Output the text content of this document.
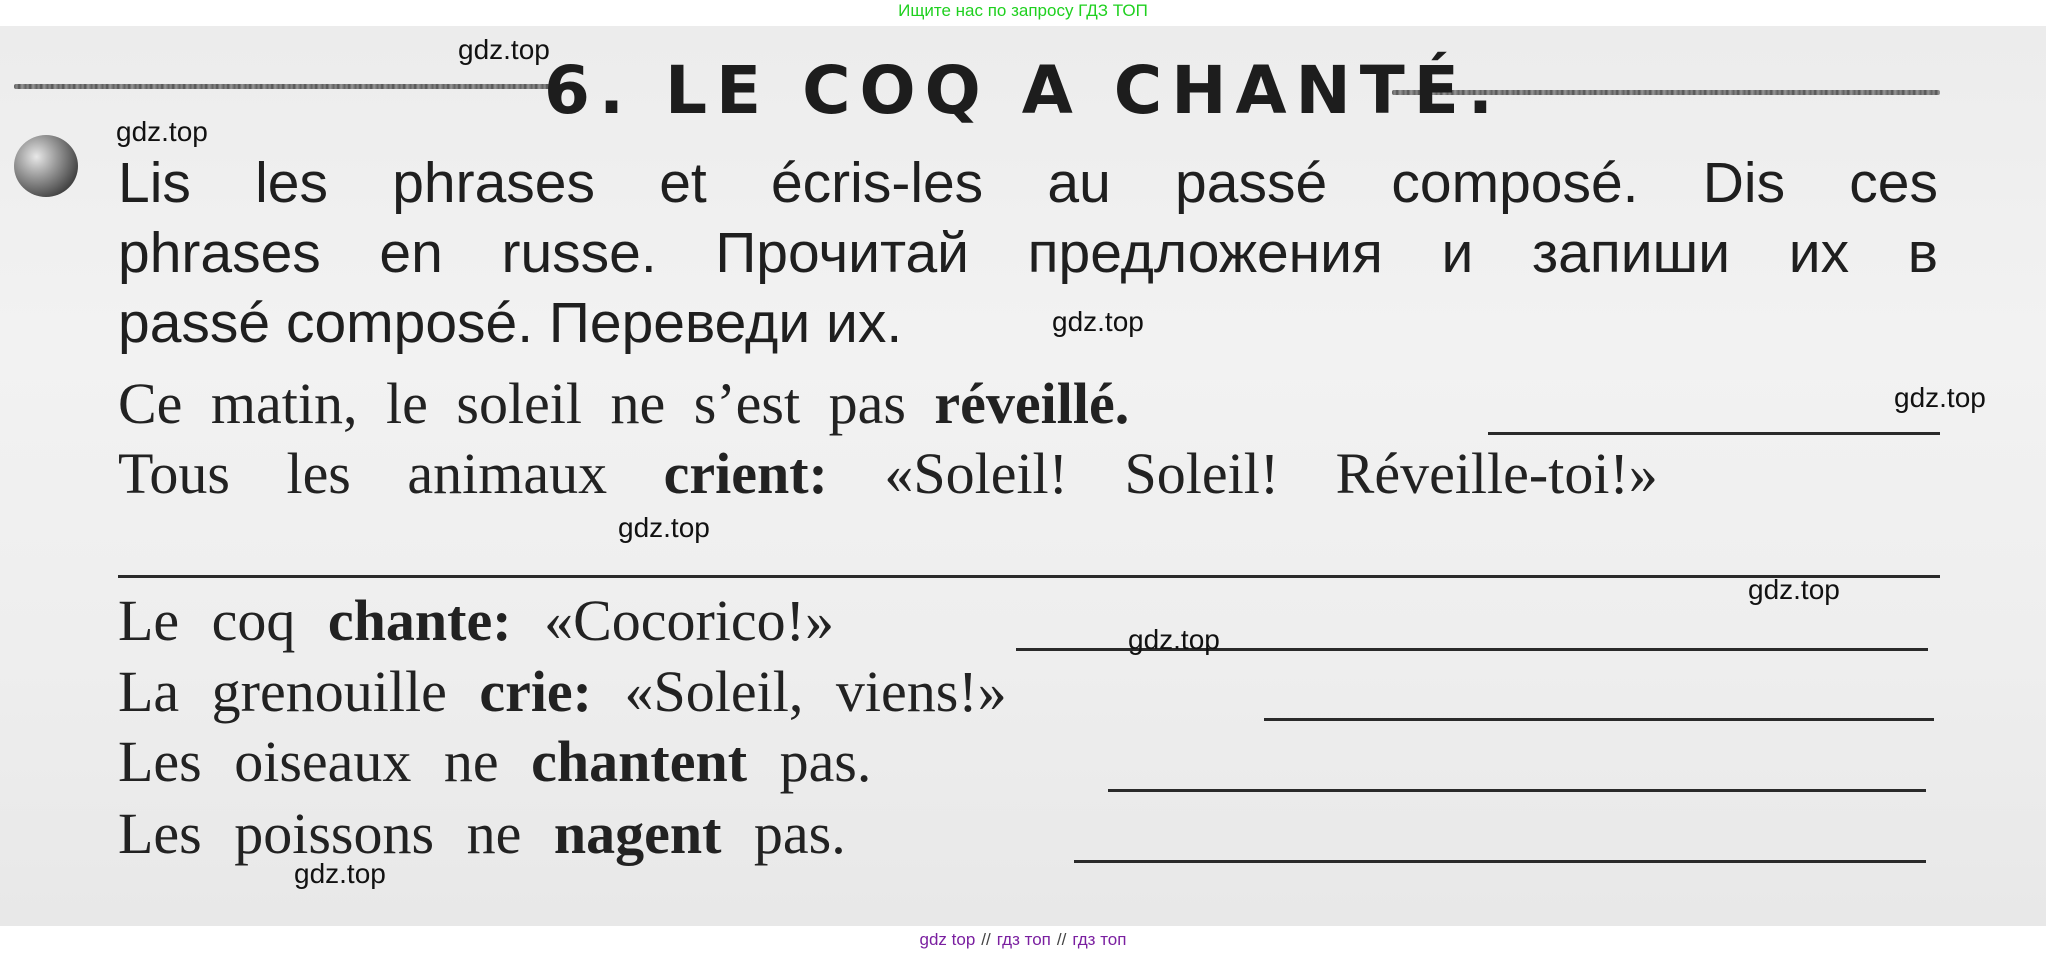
Ищите нас по запросу ГДЗ ТОП
6. LE COQ A CHANTÉ.
Lis les phrases et écris-les au passé composé. Dis ces
phrases en russe. Прочитай предложения и запиши их в
passé composé. Переведи их.
Ce matin, le soleil ne s’est pas réveillé.
Tous les animaux crient: «Soleil! Soleil! Réveille-toi!»
Le coq chante: «Cocorico!»
La grenouille crie: «Soleil, viens!»
Les oiseaux ne chantent pas.
Les poissons ne nagent pas.
gdz.top
gdz.top
gdz.top
gdz.top
gdz.top
gdz.top
gdz.top
gdz.top
gdz top // гдз топ // гдз топ
